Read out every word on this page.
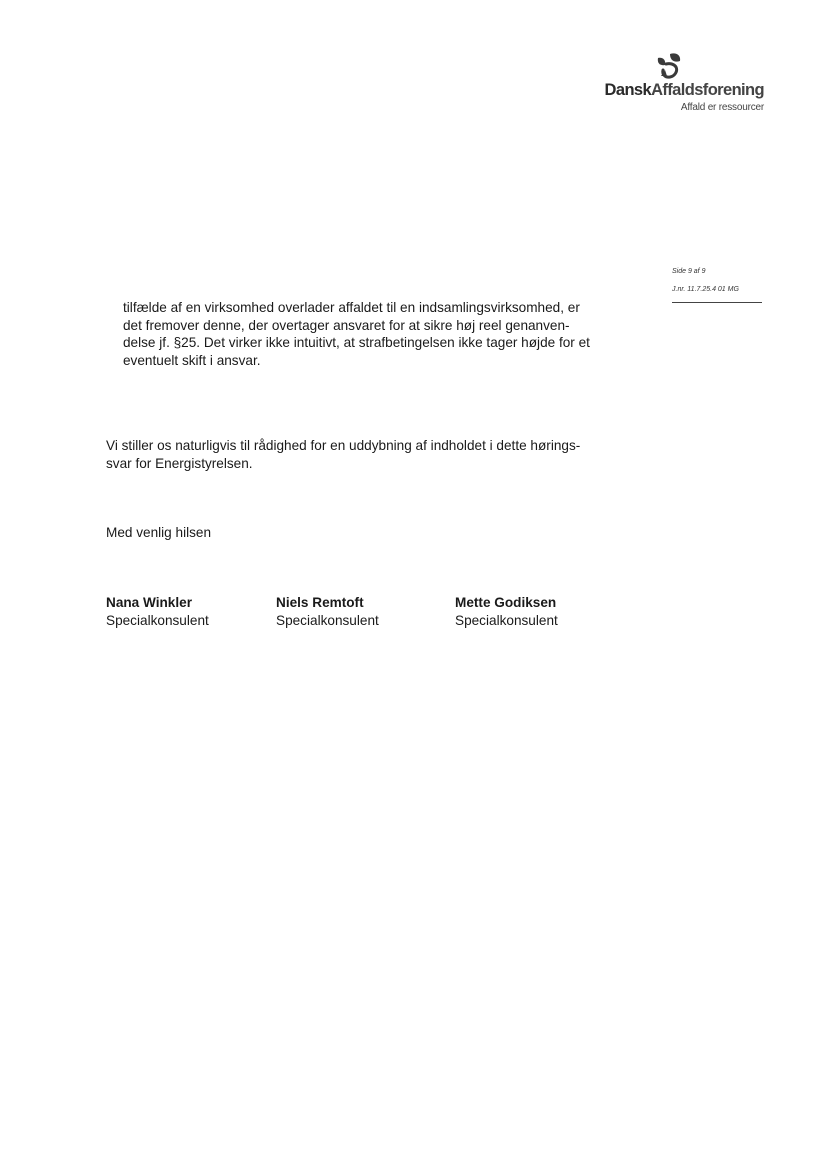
DanskAffaldsforening
Affald er ressourcer
Side 9 af 9
J.nr. 11.7.25.4 01 MG
tilfælde af en virksomhed overlader affaldet til en indsamlingsvirksomhed, er
det fremover denne, der overtager ansvaret for at sikre høj reel genanven-
delse jf. §25. Det virker ikke intuitivt, at strafbetingelsen ikke tager højde for et
eventuelt skift i ansvar.
Vi stiller os naturligvis til rådighed for en uddybning af indholdet i dette hørings-
svar for Energistyrelsen.
Med venlig hilsen
Nana Winkler
Specialkonsulent
Niels Remtoft
Specialkonsulent
Mette Godiksen
Specialkonsulent
